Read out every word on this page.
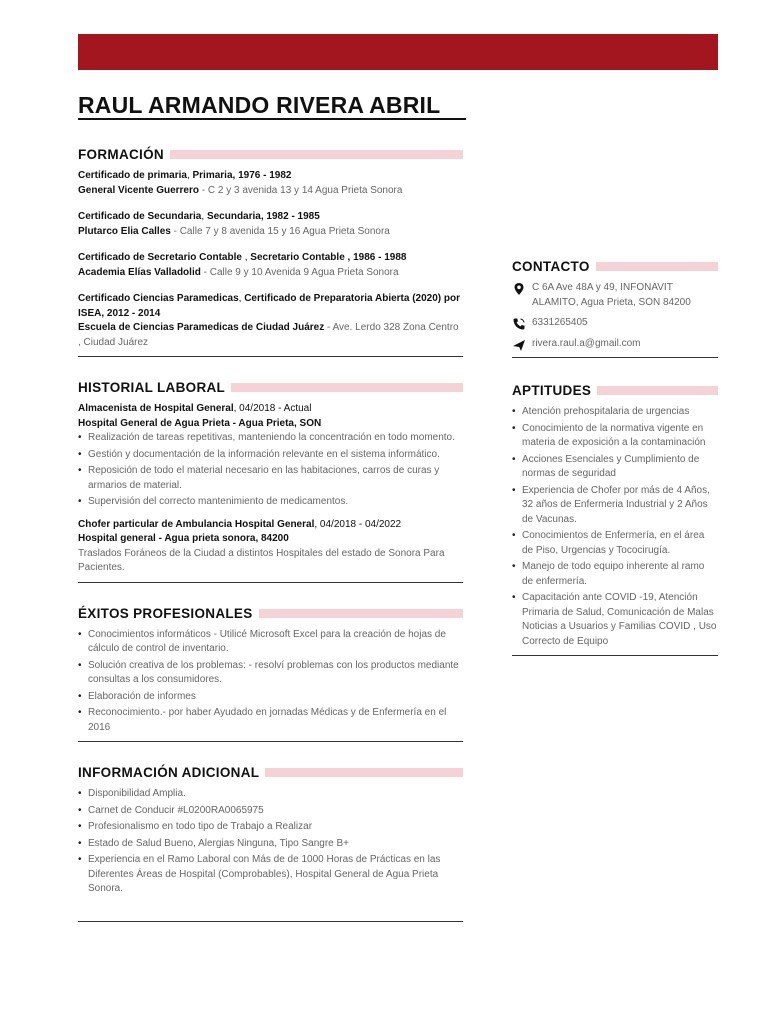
RAUL ARMANDO RIVERA ABRIL
FORMACIÓN
Certificado de primaria, Primaria, 1976 - 1982
General Vicente Guerrero - C 2 y 3 avenida 13 y 14 Agua Prieta Sonora
Certificado de Secundaria, Secundaria, 1982 - 1985
Plutarco Elia Calles - Calle 7 y 8 avenida 15 y 16 Agua Prieta Sonora
Certificado de Secretario Contable , Secretario Contable , 1986 - 1988
Academia Elías Valladolid - Calle 9 y 10 Avenida 9 Agua Prieta Sonora
Certificado Ciencias Paramedicas, Certificado de Preparatoria Abierta (2020) por ISEA, 2012 - 2014
Escuela de Ciencias Paramedicas de Ciudad Juárez - Ave. Lerdo 328 Zona Centro , Ciudad Juárez
HISTORIAL LABORAL
Almacenista de Hospital General, 04/2018 - Actual
Hospital General de Agua Prieta - Agua Prieta, SON
• Realización de tareas repetitivas, manteniendo la concentración en todo momento.
• Gestión y documentación de la información relevante en el sistema informático.
• Reposición de todo el material necesario en las habitaciones, carros de curas y armarios de material.
• Supervisión del correcto mantenimiento de medicamentos.
Chofer particular de Ambulancia Hospital General, 04/2018 - 04/2022
Hospital general - Agua prieta sonora, 84200
Traslados Foráneos de la Ciudad a distintos Hospitales del estado de Sonora Para Pacientes.
ÉXITOS PROFESIONALES
• Conocimientos informáticos - Utilicé Microsoft Excel para la creación de hojas de cálculo de control de inventario.
• Solución creativa de los problemas: - resolví problemas con los productos mediante consultas a los consumidores.
• Elaboración de informes
• Reconocimiento.- por haber Ayudado en jornadas Médicas y de Enfermería en el 2016
INFORMACIÓN ADICIONAL
• Disponibilidad Amplia.
• Carnet de Conducir #L0200RA0065975
• Profesionalismo en todo tipo de Trabajo a Realizar
• Estado de Salud Bueno, Alergias Ninguna, Tipo Sangre B+
• Experiencia en el Ramo Laboral con Más de de 1000 Horas de Prácticas en las Diferentes Áreas de Hospital (Comprobables), Hospital General de Agua Prieta Sonora.
CONTACTO
C 6A Ave 48A y 49, INFONAVIT ALAMITO, Agua Prieta, SON 84200
6331265405
rivera.raul.a@gmail.com
APTITUDES
• Atención prehospitalaria de urgencias
• Conocimiento de la normativa vigente en materia de exposición a la contaminación
• Acciones Esenciales y Cumplimiento de normas de seguridad
• Experiencia de Chofer por más de 4 Años, 32 años de Enfermeria Industrial y 2 Años de Vacunas.
• Conocimientos de Enfermería, en el área de Piso, Urgencias y Tococirugía.
• Manejo de todo equipo inherente al ramo de enfermería.
• Capacitación ante COVID -19, Atención Primaria de Salud, Comunicación de Malas Noticias a Usuarios y Familias COVID , Uso Correcto de Equipo
